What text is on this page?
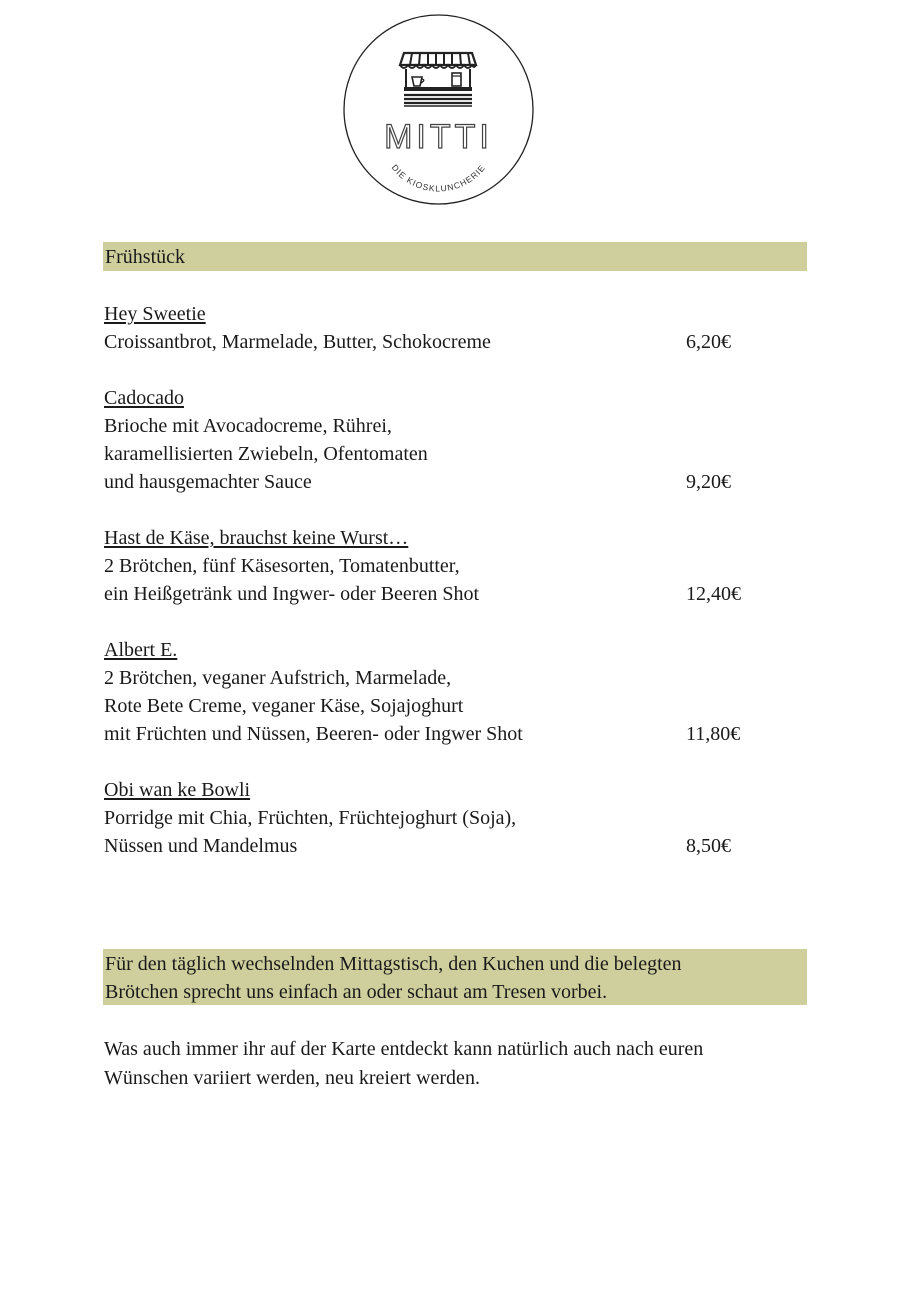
MITTI
DIE KIOSKLUNCHERIE
Frühstück
Hey Sweetie
Croissantbrot, Marmelade, Butter, Schokocreme	6,20€
Cadocado
Brioche mit Avocadocreme, Rührei,
karamellisierten Zwiebeln, Ofentomaten
und hausgemachter Sauce	9,20€
Hast de Käse, brauchst keine Wurst…
2 Brötchen, fünf Käsesorten, Tomatenbutter,
ein Heißgetränk und Ingwer- oder Beeren Shot	12,40€
Albert E.
2 Brötchen, veganer Aufstrich, Marmelade,
Rote Bete Creme, veganer Käse, Sojajoghurt
mit Früchten und Nüssen, Beeren- oder Ingwer Shot	11,80€
Obi wan ke Bowli
Porridge mit Chia, Früchten, Früchtejoghurt (Soja),
Nüssen und Mandelmus	8,50€
Für den täglich wechselnden Mittagstisch, den Kuchen und die belegten
Brötchen sprecht uns einfach an oder schaut am Tresen vorbei.
Was auch immer ihr auf der Karte entdeckt kann natürlich auch nach euren
Wünschen variiert werden, neu kreiert werden.
